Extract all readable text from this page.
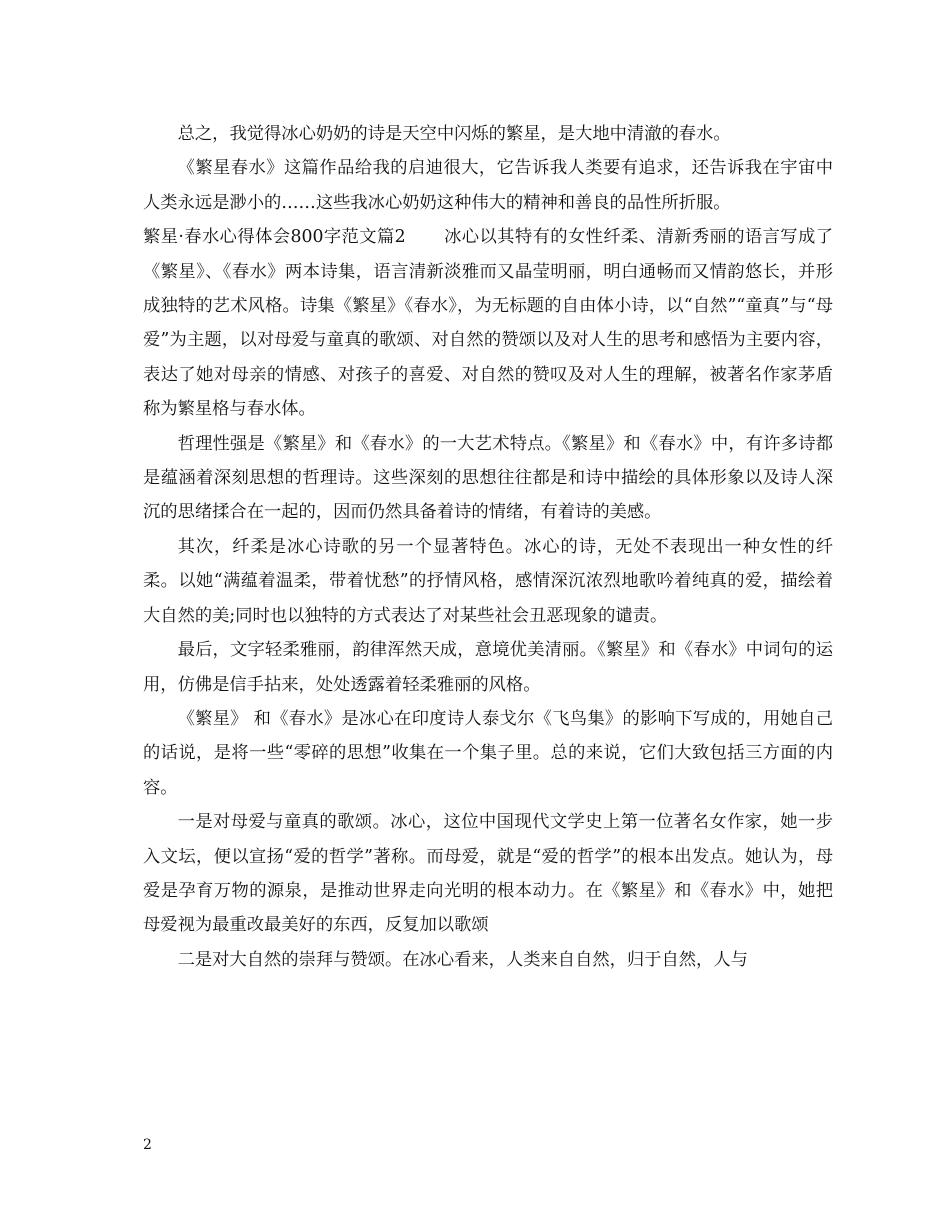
总之，我觉得冰心奶奶的诗是天空中闪烁的繁星，是大地中清澈的春水。

《繁星春水》这篇作品给我的启迪很大，它告诉我人类要有追求，还告诉我在宇宙中人类永远是渺小的……这些我冰心奶奶这种伟大的精神和善良的品性所折服。

繁星·春水心得体会800字范文篇2 冰心以其特有的女性纤柔、清新秀丽的语言写成了《繁星》、《春水》两本诗集，语言清新淡雅而又晶莹明丽，明白通畅而又情韵悠长，并形成独特的艺术风格。诗集《繁星》《春水》，为无标题的自由体小诗，以“自然”“童真”与“母爱”为主题，以对母爱与童真的歌颂、对自然的赞颂以及对人生的思考和感悟为主要内容，表达了她对母亲的情感、对孩子的喜爱、对自然的赞叹及对人生的理解，被著名作家茅盾称为繁星格与春水体。

哲理性强是《繁星》和《春水》的一大艺术特点。《繁星》和《春水》中，有许多诗都是蕴涵着深刻思想的哲理诗。这些深刻的思想往往都是和诗中描绘的具体形象以及诗人深沉的思绪揉合在一起的，因而仍然具备着诗的情绪，有着诗的美感。

其次，纤柔是冰心诗歌的另一个显著特色。冰心的诗，无处不表现出一种女性的纤柔。以她“满蕴着温柔，带着忧愁”的抒情风格，感情深沉浓烈地歌吟着纯真的爱，描绘着大自然的美;同时也以独特的方式表达了对某些社会丑恶现象的谴责。

最后，文字轻柔雅丽，韵律浑然天成，意境优美清丽。《繁星》和《春水》中词句的运用，仿佛是信手拈来，处处透露着轻柔雅丽的风格。

《繁星》 和《春水》是冰心在印度诗人泰戈尔《飞鸟集》的影响下写成的，用她自己的话说，是将一些“零碎的思想”收集在一个集子里。总的来说，它们大致包括三方面的内容。

一是对母爱与童真的歌颂。冰心，这位中国现代文学史上第一位著名女作家，她一步入文坛，便以宣扬“爱的哲学”著称。而母爱，就是“爱的哲学”的根本出发点。她认为，母爱是孕育万物的源泉，是推动世界走向光明的根本动力。在《繁星》和《春水》中，她把母爱视为最重改最美好的东西，反复加以歌颂

二是对大自然的崇拜与赞颂。在冰心看来，人类来自自然，归于自然，人与

2
